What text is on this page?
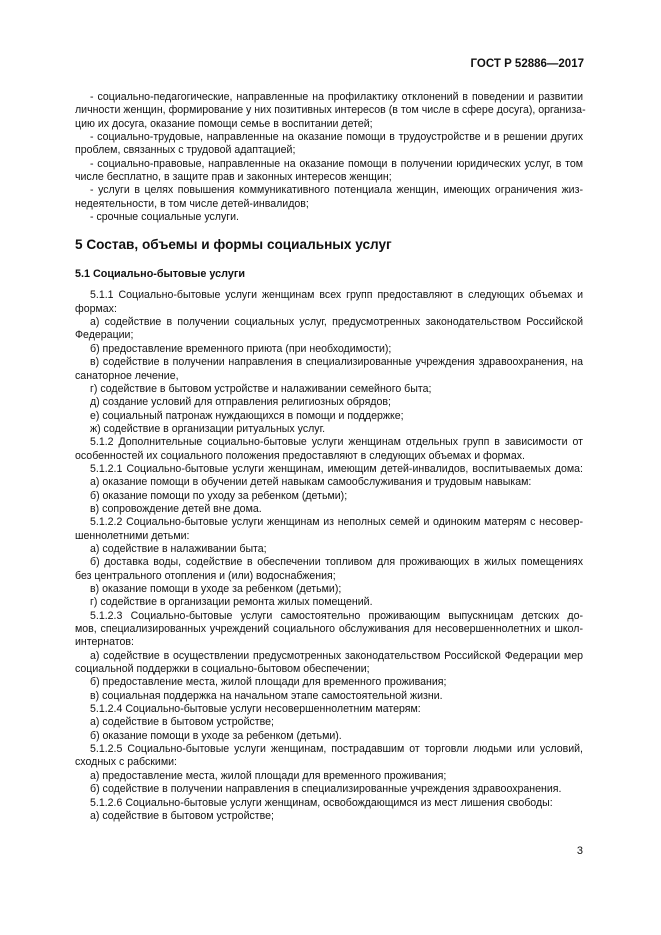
ГОСТ Р 52886—2017
- социально-педагогические, направленные на профилактику отклонений в поведении и развитии
личности женщин, формирование у них позитивных интересов (в том числе в сфере досуга), организа-
цию их досуга, оказание помощи семье в воспитании детей;
- социально-трудовые, направленные на оказание помощи в трудоустройстве и в решении других
проблем, связанных с трудовой адаптацией;
- социально-правовые, направленные на оказание помощи в получении юридических услуг, в том
числе бесплатно, в защите прав и законных интересов женщин;
- услуги в целях повышения коммуникативного потенциала женщин, имеющих ограничения жиз-
недеятельности, в том числе детей-инвалидов;
- срочные социальные услуги.
5 Состав, объемы и формы социальных услуг
5.1 Социально-бытовые услуги
5.1.1 Социально-бытовые услуги женщинам всех групп предоставляют в следующих объемах и
формах:
а) содействие в получении социальных услуг, предусмотренных законодательством Российской
Федерации;
б) предоставление временного приюта (при необходимости);
в) содействие в получении направления в специализированные учреждения здравоохранения, на
санаторное лечение,
г) содействие в бытовом устройстве и налаживании семейного быта;
д) создание условий для отправления религиозных обрядов;
е) социальный патронаж нуждающихся в помощи и поддержке;
ж) содействие в организации ритуальных услуг.
5.1.2 Дополнительные социально-бытовые услуги женщинам отдельных групп в зависимости от
особенностей их социального положения предоставляют в следующих объемах и формах.
5.1.2.1 Социально-бытовые услуги женщинам, имеющим детей-инвалидов, воспитываемых дома:
а) оказание помощи в обучении детей навыкам самообслуживания и трудовым навыкам:
б) оказание помощи по уходу за ребенком (детьми);
в) сопровождение детей вне дома.
5.1.2.2 Социально-бытовые услуги женщинам из неполных семей и одиноким матерям с несовер-
шеннолетними детьми:
а) содействие в налаживании быта;
б) доставка воды, содействие в обеспечении топливом для проживающих в жилых помещениях
без центрального отопления и (или) водоснабжения;
в) оказание помощи в уходе за ребенком (детьми);
г) содействие в организации ремонта жилых помещений.
5.1.2.3 Социально-бытовые услуги самостоятельно проживающим выпускницам детских до-
мов, специализированных учреждений социального обслуживания для несовершеннолетних и школ-
интернатов:
а) содействие в осуществлении предусмотренных законодательством Российской Федерации мер
социальной поддержки в социально-бытовом обеспечении;
б) предоставление места, жилой площади для временного проживания;
в) социальная поддержка на начальном этапе самостоятельной жизни.
5.1.2.4 Социально-бытовые услуги несовершеннолетним матерям:
а) содействие в бытовом устройстве;
б) оказание помощи в уходе за ребенком (детьми).
5.1.2.5 Социально-бытовые услуги женщинам, пострадавшим от торговли людьми или условий,
сходных с рабскими:
а) предоставление места, жилой площади для временного проживания;
б) содействие в получении направления в специализированные учреждения здравоохранения.
5.1.2.6 Социально-бытовые услуги женщинам, освобождающимся из мест лишения свободы:
а) содействие в бытовом устройстве;
3
